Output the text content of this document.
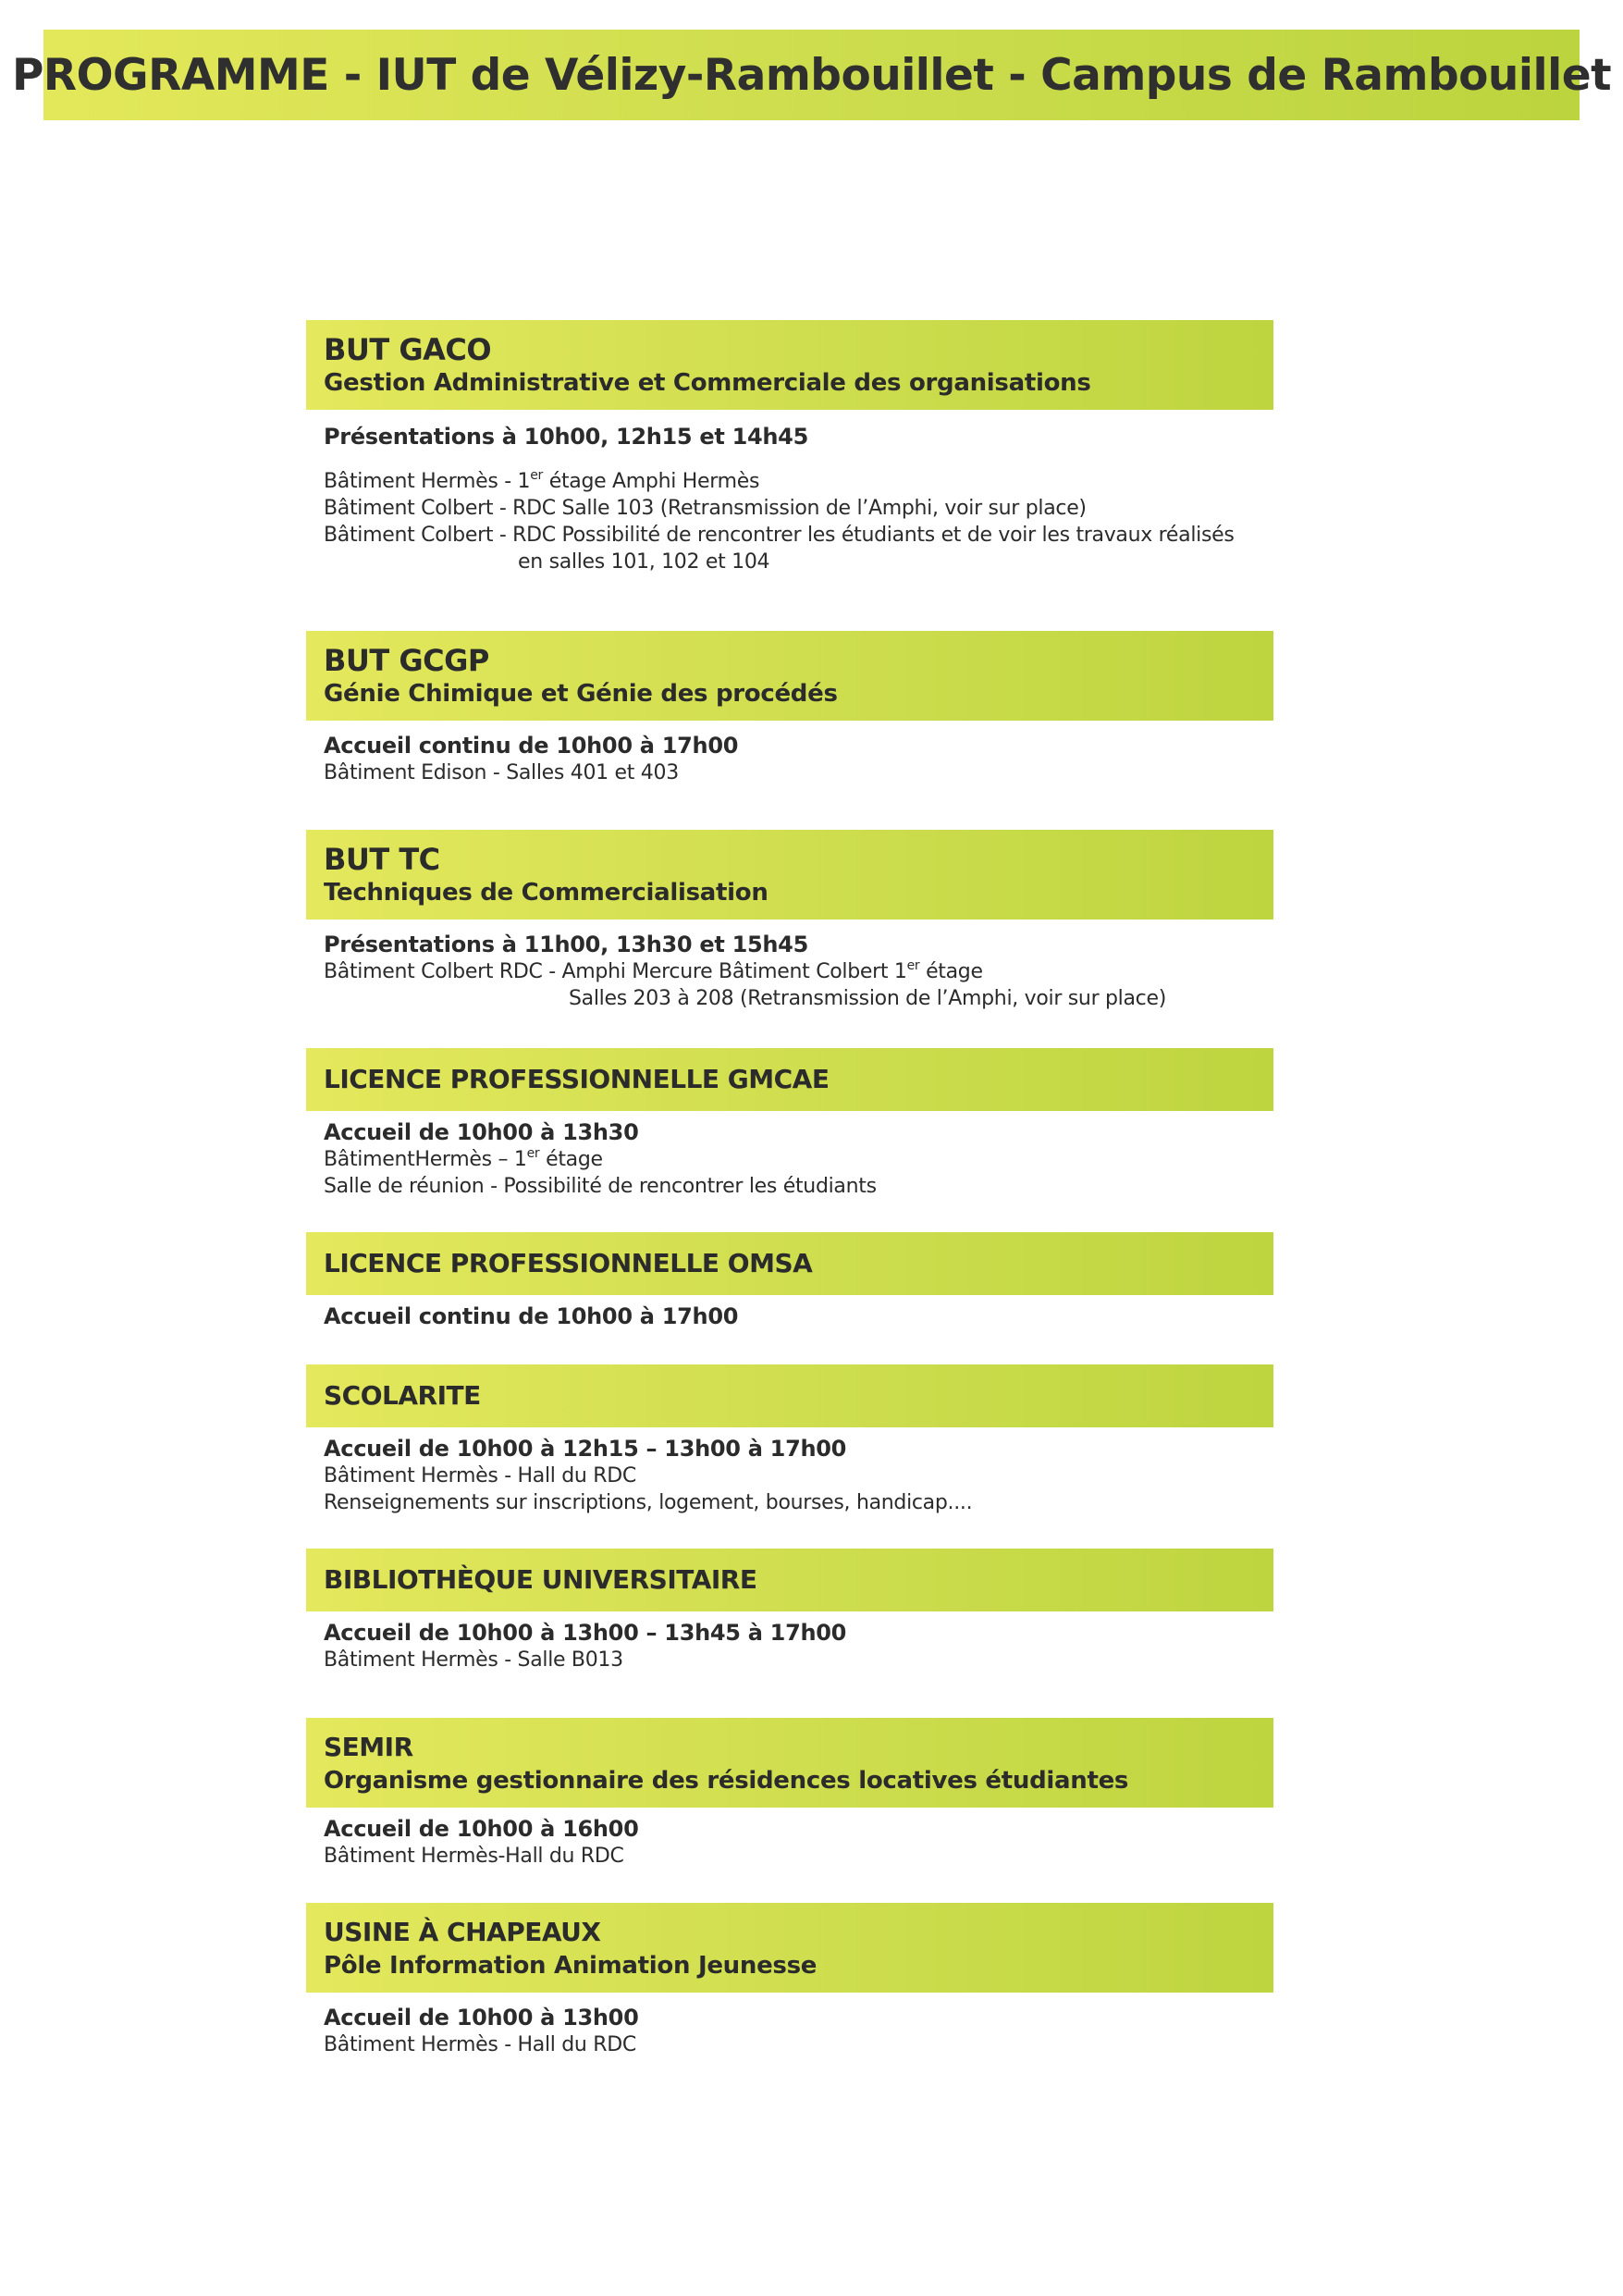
PROGRAMME - IUT de Vélizy-Rambouillet - Campus de Rambouillet
BUT GACO
Gestion Administrative et Commerciale des organisations
Présentations à 10h00, 12h15 et 14h45
Bâtiment Hermès - 1er étage Amphi Hermès
Bâtiment Colbert - RDC Salle 103 (Retransmission de l’Amphi, voir sur place)
Bâtiment Colbert - RDC Possibilité de rencontrer les étudiants et de voir les travaux réalisés
en salles 101, 102 et 104
BUT GCGP
Génie Chimique et Génie des procédés
Accueil continu de 10h00 à 17h00
Bâtiment Edison - Salles 401 et 403
BUT TC
Techniques de Commercialisation
Présentations à 11h00, 13h30 et 15h45
Bâtiment Colbert RDC - Amphi Mercure Bâtiment Colbert 1er étage
Salles 203 à 208 (Retransmission de l’Amphi, voir sur place)
LICENCE PROFESSIONNELLE GMCAE
Accueil de 10h00 à 13h30
BâtimentHermès – 1er étage
Salle de réunion - Possibilité de rencontrer les étudiants
LICENCE PROFESSIONNELLE OMSA
Accueil continu de 10h00 à 17h00
SCOLARITE
Accueil de 10h00 à 12h15 – 13h00 à 17h00
Bâtiment Hermès - Hall du RDC
Renseignements sur inscriptions, logement, bourses, handicap....
BIBLIOTHÈQUE UNIVERSITAIRE
Accueil de 10h00 à 13h00 – 13h45 à 17h00
Bâtiment Hermès - Salle B013
SEMIR
Organisme gestionnaire des résidences locatives étudiantes
Accueil de 10h00 à 16h00
Bâtiment Hermès-Hall du RDC
USINE À CHAPEAUX
Pôle Information Animation Jeunesse
Accueil de 10h00 à 13h00
Bâtiment Hermès - Hall du RDC
